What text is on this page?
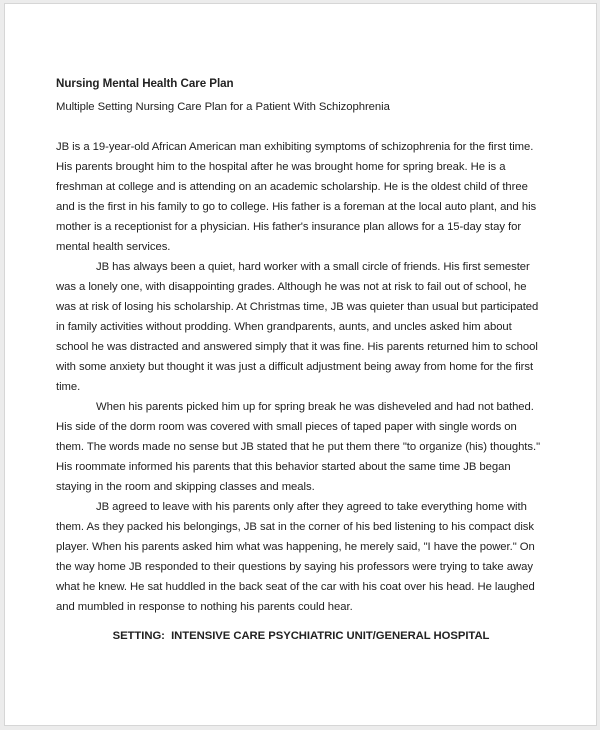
Nursing Mental Health Care Plan
Multiple Setting Nursing Care Plan for a Patient With Schizophrenia

JB is a 19-year-old African American man exhibiting symptoms of schizophrenia for the first time. His parents brought him to the hospital after he was brought home for spring break. He is a freshman at college and is attending on an academic scholarship. He is the oldest child of three and is the first in his family to go to college. His father is a foreman at the local auto plant, and his mother is a receptionist for a physician. His father's insurance plan allows for a 15-day stay for mental health services.

JB has always been a quiet, hard worker with a small circle of friends. His first semester was a lonely one, with disappointing grades. Although he was not at risk to fail out of school, he was at risk of losing his scholarship. At Christmas time, JB was quieter than usual but participated in family activities without prodding. When grandparents, aunts, and uncles asked him about school he was distracted and answered simply that it was fine. His parents returned him to school with some anxiety but thought it was just a difficult adjustment being away from home for the first time.

When his parents picked him up for spring break he was disheveled and had not bathed. His side of the dorm room was covered with small pieces of taped paper with single words on them. The words made no sense but JB stated that he put them there "to organize (his) thoughts." His roommate informed his parents that this behavior started about the same time JB began staying in the room and skipping classes and meals.

JB agreed to leave with his parents only after they agreed to take everything home with them. As they packed his belongings, JB sat in the corner of his bed listening to his compact disk player. When his parents asked him what was happening, he merely said, "I have the power." On the way home JB responded to their questions by saying his professors were trying to take away what he knew. He sat huddled in the back seat of the car with his coat over his head. He laughed and mumbled in response to nothing his parents could hear.

SETTING:  INTENSIVE CARE PSYCHIATRIC UNIT/GENERAL HOSPITAL
